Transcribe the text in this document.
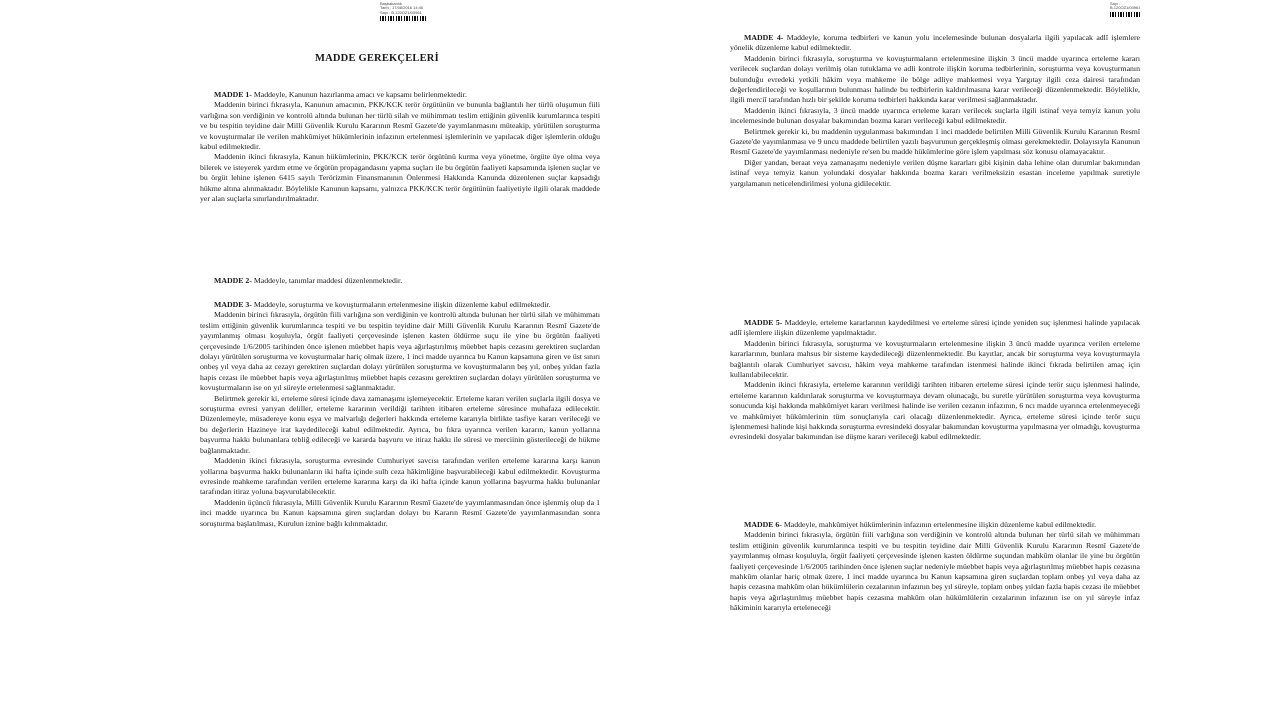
Başbakanlık
Tarih : 17/08/2016 14:40
Sayı : B.120OZ1/00961
MADDE GEREKÇELERİ

MADDE 1- Maddeyle, Kanunun hazırlanma amacı ve kapsamı belirlenmektedir.

Maddenin birinci fıkrasıyla, Kanunun amacının, PKK/KCK terör örgütünün ve bununla bağlantılı her türlü oluşumun fiili varlığına son verdiğinin ve kontrolü altında bulunan her türlü silah ve mühimmatı teslim ettiğinin güvenlik kurumlarınca tespiti ve bu tespitin teyidine dair Milli Güvenlik Kurulu Kararının Resmî Gazete'de yayımlanmasını müteakip, yürütülen soruşturma ve kovuşturmalar ile verilen mahkûmiyet hükümlerinin infazının ertelenmesi işlemlerinin ve yapılacak diğer işlemlerin olduğu kabul edilmektedir.

Maddenin ikinci fıkrasıyla, Kanun hükümlerinin, PKK/KCK terör örgütünü kurma veya yönetme, örgüte üye olma veya bilerek ve isteyerek yardım etme ve örgütün propagandasını yapma suçları ile bu örgütün faaliyeti kapsamında işlenen suçlar ve bu örgüt lehine işlenen 6415 sayılı Terörizmin Finansmanının Önlenmesi Hakkında Kanunda düzenlenen suçlar kapsadığı hükme altına alınmaktadır. Böylelikle Kanunun kapsamı, yalnızca PKK/KCK terör örgütünün faaliyetiyle ilgili olarak maddede yer alan suçlarla sınırlandırılmaktadır.

MADDE 2- Maddeyle, tanımlar maddesi düzenlenmektedir.

MADDE 3- Maddeyle, soruşturma ve kovuşturmaların ertelenmesine ilişkin düzenleme kabul edilmektedir.

Maddenin birinci fıkrasıyla, örgütün fiili varlığına son verdiğinin ve kontrolü altında bulunan her türlü silah ve mühimmatı teslim ettiğinin güvenlik kurumlarınca tespiti ve bu tespitin teyidine dair Milli Güvenlik Kurulu Kararının Resmî Gazete'de yayımlanmış olması koşuluyla, örgüt faaliyeti çerçevesinde işlenen kasten öldürme suçu ile yine bu örgütün faaliyeti çerçevesinde 1/6/2005 tarihinden önce işlenen müebbet hapis veya ağırlaştırılmış müebbet hapis cezasını gerektiren suçlardan dolayı yürütülen soruşturma ve kovuşturmalar hariç olmak üzere, 1 inci madde uyarınca bu Kanun kapsamına giren ve üst sınırı onbeş yıl veya daha az cezayı gerektiren suçlardan dolayı yürütülen soruşturma ve kovuşturmaların beş yıl, onbeş yıldan fazla hapis cezası ile müebbet hapis veya ağırlaştırılmış müebbet hapis cezasını gerektiren suçlardan dolayı yürütülen soruşturma ve kovuşturmaların ise on yıl süreyle ertelenmesi sağlanmaktadır.

Belirtmek gerekir ki, erteleme süresi içinde dava zamanaşımı işlemeyecektir. Erteleme kararı verilen suçlarla ilgili dosya ve soruşturma evresi yarıyan deliller, erteleme kararının verildiği tarihten itibaren erteleme süresince muhafaza edilecektir. Düzenlemeyle, müsadereye konu eşya ve malvarlığı değerleri hakkında erteleme kararıyla birlikte tasfiye kararı verileceği ve bu değerlerin Hazineye irat kaydedileceği kabul edilmektedir. Ayrıca, bu fıkra uyarınca verilen kararın, kanun yollarına başvurma hakkı bulunanlara tebliğ edileceği ve kararda başvuru ve itiraz hakkı ile süresi ve merciinin gösterileceği de hükme bağlanmaktadır.

Maddenin ikinci fıkrasıyla, soruşturma evresinde Cumhuriyet savcısı tarafından verilen erteleme kararına karşı kanun yollarına başvurma hakkı bulunanların iki hafta içinde sulh ceza hâkimliğine başvurabileceği kabul edilmektedir. Kovuşturma evresinde mahkeme tarafından verilen erteleme kararına karşı da iki hafta içinde kanun yollarına başvurma hakkı bulunanlar tarafından itiraz yoluna başvurulabilecektir.

Maddenin üçüncü fıkrasıyla, Milli Güvenlik Kurulu Kararının Resmî Gazete'de yayımlanmasından önce işlenmiş olup da 1 inci madde uyarınca bu Kanun kapsamına giren suçlardan dolayı bu Kararın Resmî Gazete'de yayımlanmasından sonra soruşturma başlatılması, Kurulun iznine bağlı kılınmaktadır.

Sayı : B.120OZ1/00961

MADDE 4- Maddeyle, koruma tedbirleri ve kanun yolu incelemesinde bulunan dosyalarla ilgili yapılacak adlî işlemlere yönelik düzenleme kabul edilmektedir.

Maddenin birinci fıkrasıyla, soruşturma ve kovuşturmaların ertelenmesine ilişkin 3 üncü madde uyarınca erteleme kararı verilecek suçlardan dolayı verilmiş olan tutuklama ve adli kontrole ilişkin koruma tedbirlerinin, soruşturma veya kovuşturmanın bulunduğu evredeki yetkili hâkim veya mahkeme ile bölge adliye mahkemesi veya Yargıtay ilgili ceza dairesi tarafından değerlendirileceği ve koşullarının bulunması halinde bu tedbirlerin kaldırılmasına karar verileceği düzenlenmektedir. Böylelikle, ilgili merciî tarafından hızlı bir şekilde koruma tedbirleri hakkında karar verilmesi sağlanmaktadır.

Maddenin ikinci fıkrasıyla, 3 üncü madde uyarınca erteleme kararı verilecek suçlarla ilgili istinaf veya temyiz kanun yolu incelemesinde bulunan dosyalar bakımından bozma kararı verileceği kabul edilmektedir.

Belirtmek gerekir ki, bu maddenin uygulanması bakımından 1 inci maddede belirtilen Milli Güvenlik Kurulu Kararının Resmî Gazete'de yayımlanması ve 9 uncu maddede belirtilen yazılı başvurunun gerçekleşmiş olması gerekmektedir. Dolayısıyla Kanunun Resmî Gazete'de yayımlanması nedeniyle re'sen bu madde hükümlerine göre işlem yapılması söz konusu olamayacaktır.

Diğer yandan, beraat veya zamanaşımı nedeniyle verilen düşme kararları gibi kişinin daha lehine olan durumlar bakımından istinaf veya temyiz kanun yolundaki dosyalar hakkında bozma kararı verilmeksizin esastan inceleme yapılmak suretiyle yargılamanın neticelendirilmesi yoluna gidilecektir.

MADDE 5- Maddeyle, erteleme kararlarının kaydedilmesi ve erteleme süresi içinde yeniden suç işlenmesi halinde yapılacak adlî işlemlere ilişkin düzenleme yapılmaktadır.

Maddenin birinci fıkrasıyla, soruşturma ve kovuşturmaların ertelenmesine ilişkin 3 üncü madde uyarınca verilen erteleme kararlarının, bunlara mahsus bir sisteme kaydedileceği düzenlenmektedir. Bu kayıtlar, ancak bir soruşturma veya kovuşturmayla bağlantılı olarak Cumhuriyet savcısı, hâkim veya mahkeme tarafından istenmesi halinde ikinci fıkrada belirtilen amaç için kullanılabilecektir.

Maddenin ikinci fıkrasıyla, erteleme kararının verildiği tarihten itibaren erteleme süresi içinde terör suçu işlenmesi halinde, erteleme kararının kaldırılarak soruşturma ve kovuşturmaya devam olunacağı, bu suretle yürütülen soruşturma veya kovuşturma sonucunda kişi hakkında mahkûmiyet kararı verilmesi halinde ise verilen cezanın infazının, 6 ncı madde uyarınca ertelenmeyeceği ve mahkûmiyet hükümlerinin tüm sonuçlarıyla cari olacağı düzenlenmektedir. Ayrıca, erteleme süresi içinde terör suçu işlenmemesi halinde kişi hakkında soruşturma evresindeki dosyalar bakımından kovuşturma yapılmasına yer olmadığı, kovuşturma evresindeki dosyalar bakımından ise düşme kararı verileceği kabul edilmektedir.

MADDE 6- Maddeyle, mahkûmiyet hükümlerinin infazının ertelenmesine ilişkin düzenleme kabul edilmektedir.

Maddenin birinci fıkrasıyla, örgütün fiili varlığına son verdiğinin ve kontrolü altında bulunan her türlü silah ve mühimmatı teslim ettiğinin güvenlik kurumlarınca tespiti ve bu tespitin teyidine dair Milli Güvenlik Kurulu Kararının Resmî Gazete'de yayımlanmış olması koşuluyla, örgüt faaliyeti çerçevesinde işlenen kasten öldürme suçundan mahkûm olanlar ile yine bu örgütün faaliyeti çerçevesinde 1/6/2005 tarihinden önce işlenen suçlar nedeniyle müebbet hapis veya ağırlaştırılmış müebbet hapis cezasına mahkûm olanlar hariç olmak üzere, 1 inci madde uyarınca bu Kanun kapsamına giren suçlardan toplam onbeş yıl veya daha az hapis cezasına mahkûm olan hükümlülerin cezalarının infazının beş yıl süreyle, toplam onbeş yıldan fazla hapis cezası ile müebbet hapis veya ağırlaştırılmış müebbet hapis cezasına mahkûm olan hükümlülerin cezalarının infazının ise on yıl süreyle infaz hâkiminin kararıyla erteleneceği
